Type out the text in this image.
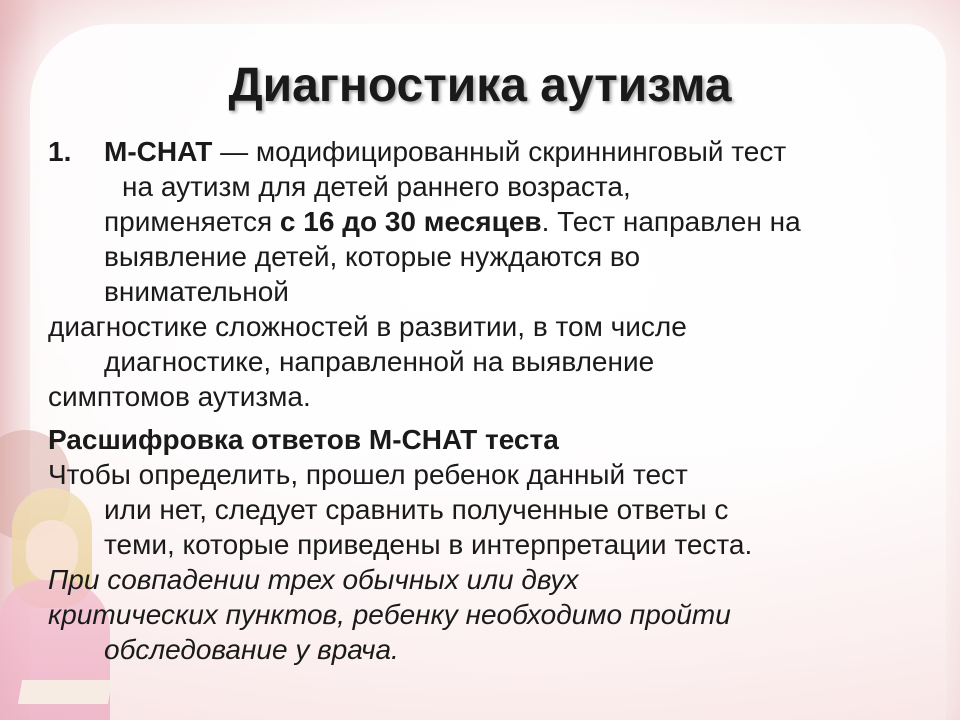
Диагностика аутизма

1. M-CHAT — модифицированный скриннинговый тест
на аутизм для детей раннего возраста,
применяется с 16 до 30 месяцев. Тест направлен на
выявление детей, которые нуждаются во
внимательной

диагностике сложностей в развитии, в том числе
диагностике, направленной на выявление

симптомов аутизма.

Расшифровка ответов M-CHAT теста

Чтобы определить, прошел ребенок данный тест
или нет, следует сравнить полученные ответы с
теми, которые приведены в интерпретации теста.

При совпадении трех обычных или двух
критических пунктов, ребенку необходимо пройти
обследование у врача.
